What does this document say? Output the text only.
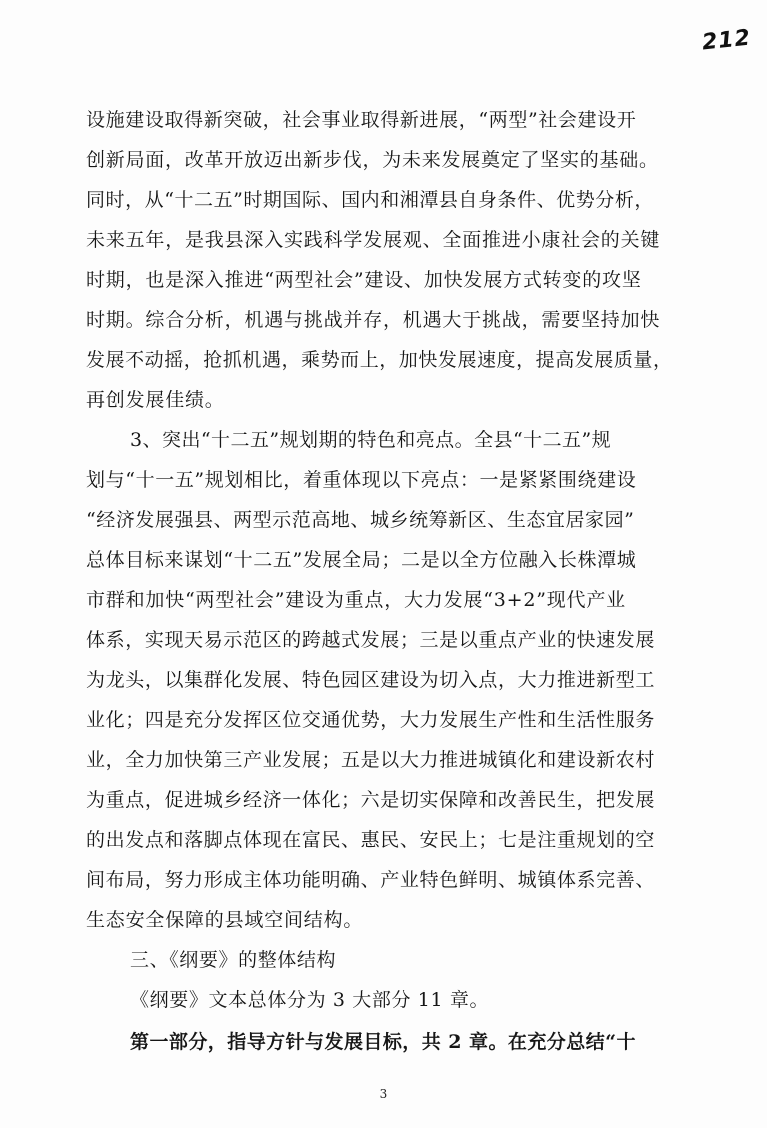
212
设施建设取得新突破，社会事业取得新进展，“两型”社会建设开
创新局面，改革开放迈出新步伐，为未来发展奠定了坚实的基础。
同时，从“十二五”时期国际、国内和湘潭县自身条件、优势分析，
未来五年，是我县深入实践科学发展观、全面推进小康社会的关键
时期，也是深入推进“两型社会”建设、加快发展方式转变的攻坚
时期。综合分析，机遇与挑战并存，机遇大于挑战，需要坚持加快
发展不动摇，抢抓机遇，乘势而上，加快发展速度，提高发展质量，
再创发展佳绩。
3、突出“十二五”规划期的特色和亮点。全县“十二五”规
划与“十一五”规划相比，着重体现以下亮点：一是紧紧围绕建设
“经济发展强县、两型示范高地、城乡统筹新区、生态宜居家园”
总体目标来谋划“十二五”发展全局；二是以全方位融入长株潭城
市群和加快“两型社会”建设为重点，大力发展“3+2”现代产业
体系，实现天易示范区的跨越式发展；三是以重点产业的快速发展
为龙头，以集群化发展、特色园区建设为切入点，大力推进新型工
业化；四是充分发挥区位交通优势，大力发展生产性和生活性服务
业，全力加快第三产业发展；五是以大力推进城镇化和建设新农村
为重点，促进城乡经济一体化；六是切实保障和改善民生，把发展
的出发点和落脚点体现在富民、惠民、安民上；七是注重规划的空
间布局，努力形成主体功能明确、产业特色鲜明、城镇体系完善、
生态安全保障的县域空间结构。
三、《纲要》的整体结构
《纲要》文本总体分为 3 大部分 11 章。
第一部分，指导方针与发展目标，共 2 章。在充分总结“十
3
